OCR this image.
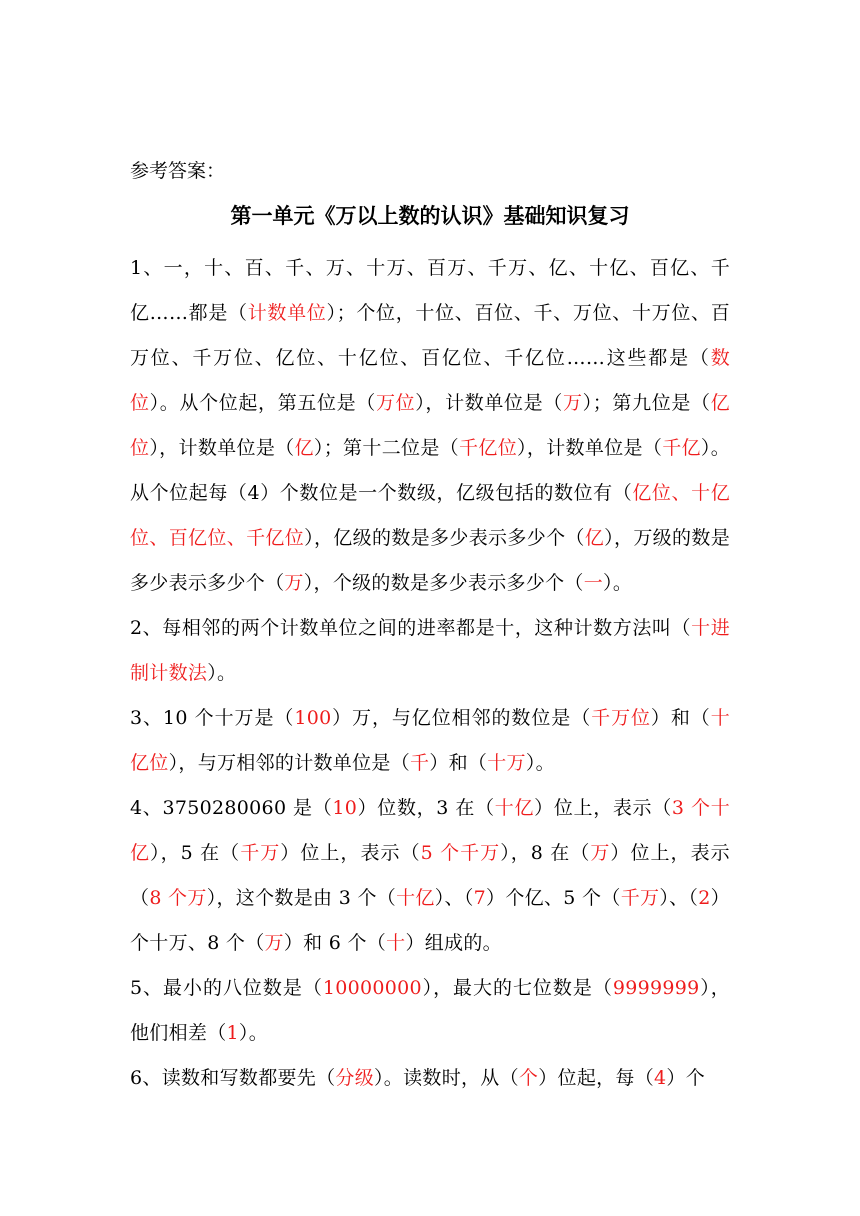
参考答案：
第一单元《万以上数的认识》基础知识复习

1、一，十、百、千、万、十万、百万、千万、亿、十亿、百亿、千亿……都是（计数单位）；个位，十位、百位、千、万位、十万位、百万位、千万位、亿位、十亿位、百亿位、千亿位……这些都是（数位）。从个位起，第五位是（万位），计数单位是（万）；第九位是（亿位），计数单位是（亿）；第十二位是（千亿位），计数单位是（千亿）。从个位起每（4）个数位是一个数级，亿级包括的数位有（亿位、十亿位、百亿位、千亿位），亿级的数是多少表示多少个（亿），万级的数是多少表示多少个（万），个级的数是多少表示多少个（一）。

2、每相邻的两个计数单位之间的进率都是十，这种计数方法叫（十进制计数法）。

3、10 个十万是（100）万，与亿位相邻的数位是（千万位）和（十亿位），与万相邻的计数单位是（千）和（十万）。

4、3750280060 是（10）位数，3 在（十亿）位上，表示（3 个十亿），5 在（千万）位上，表示（5 个千万），8 在（万）位上，表示（8 个万），这个数是由 3 个（十亿）、（7）个亿、5 个（千万）、（2）个十万、8 个（万）和 6 个（十）组成的。

5、最小的八位数是（10000000），最大的七位数是（9999999），他们相差（1）。

6、读数和写数都要先（分级）。读数时，从（个）位起，每（4）个
